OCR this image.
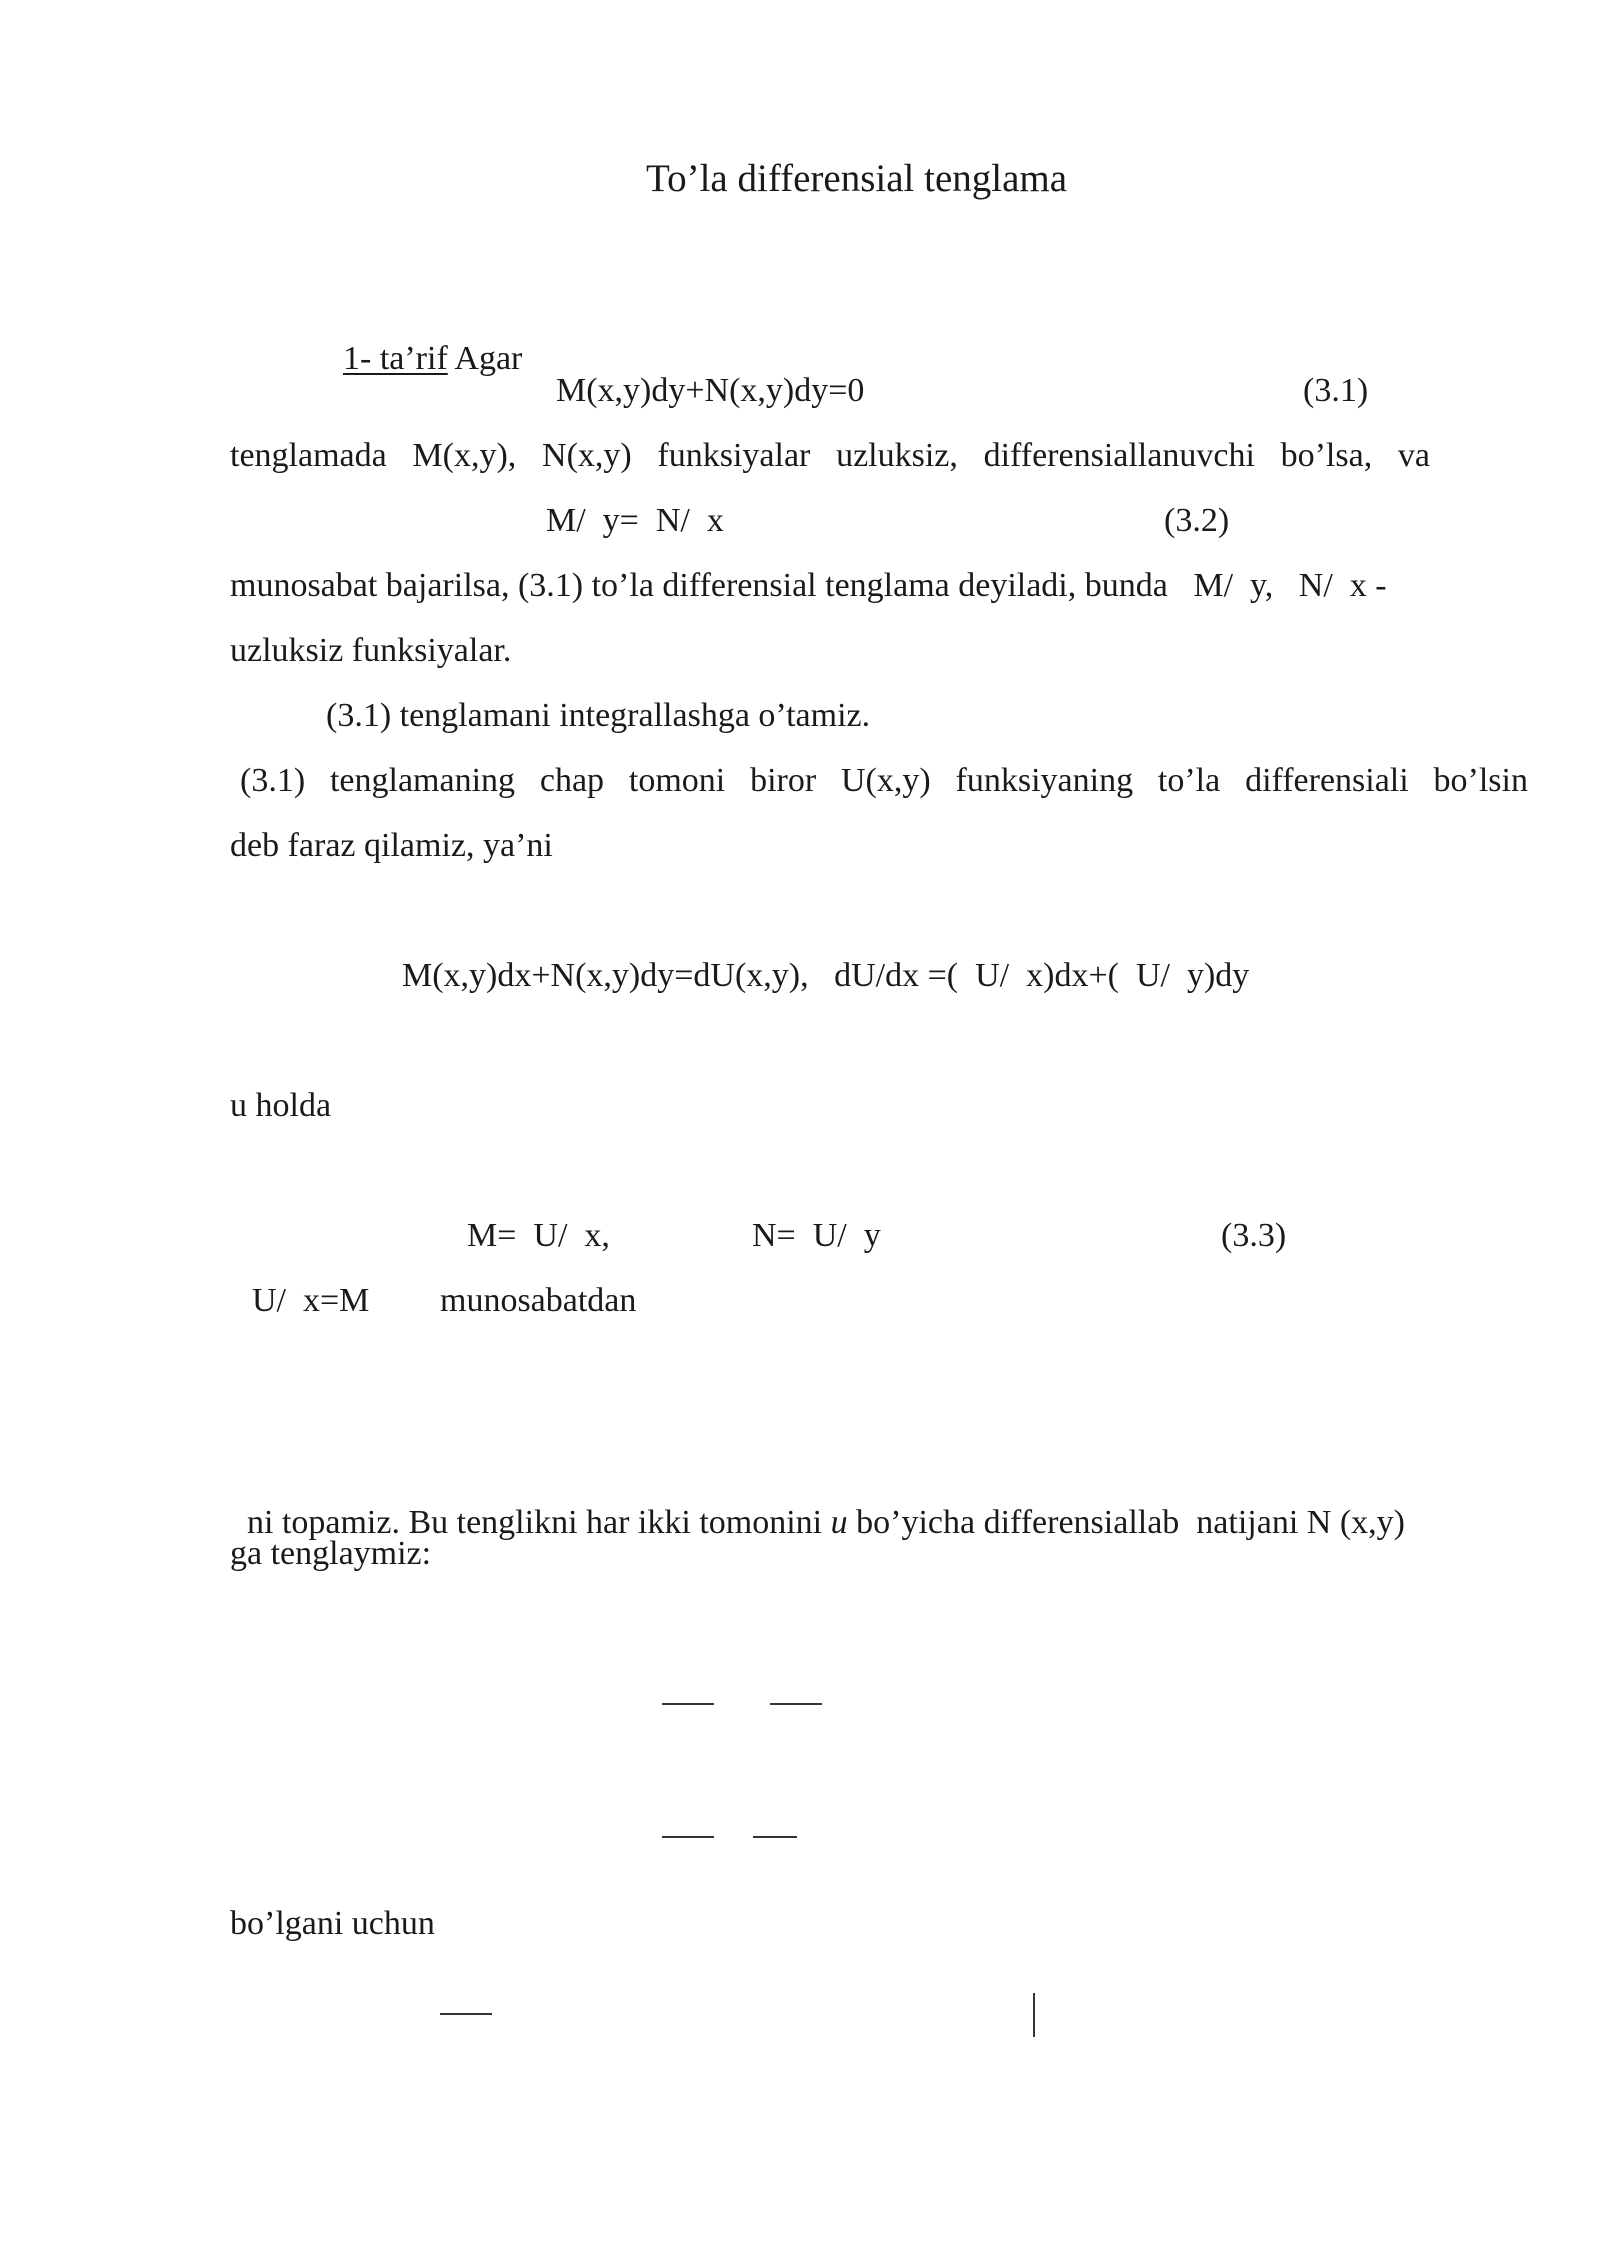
To’la differensial tenglama

1- ta’rif Agar

M(x,y)dy+N(x,y)dy=0	(3.1)
tenglamada M(x,y), N(x,y) funksiyalar uzluksiz, differensiallanuvchi bo’lsa, va
M/  y=  N/  x	(3.2)
munosabat bajarilsa, (3.1) to’la differensial tenglama deyiladi, bunda   M/  y,   N/  x -
uzluksiz funksiyalar.
(3.1) tenglamani integrallashga o’tamiz.
(3.1) tenglamaning chap tomoni biror U(x,y) funksiyaning to’la differensiali bo’lsin
deb faraz qilamiz, ya’ni
M(x,y)dx+N(x,y)dy=dU(x,y),   dU/dx =(  U/  x)dx+(  U/  y)dy
u holda
M=  U/  x,	N=  U/  y	(3.3)
U/  x=M munosabatdan

ni topamiz. Bu tenglikni har ikki tomonini u bo’yicha differensiallab  natijani N (x,y)

ga tenglaymiz:
bo’lgani uchun
